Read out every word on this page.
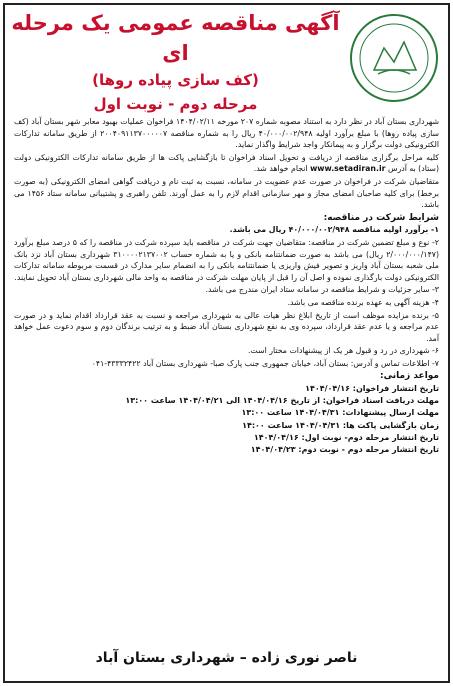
آگهی مناقصه عمومی یک مرحله ای
(کف سازی پیاده روها)
مرحله دوم - نوبت اول

شهرداری بستان آباد در نظر دارد به استناد مصوبه شماره ۲۰۷ مورخه ۱۴۰۴/۰۲/۱۱ فراخوان عملیات بهبود معابر شهر بستان آباد (کف سازی پیاده روها) با مبلغ برآورد اولیه ۴۰/۰۰۰/۰۰۲/۹۴۸ ریال را به شماره مناقصه ۲۰۰۴۰۹۱۱۳۷۰۰۰۰۰۷ از طریق سامانه تدارکات الکترونیکی دولت برگزار و به پیمانکار واجد شرایط واگذار نماید.

کلیه مراحل برگزاری مناقصه از دریافت و تحویل اسناد فراخوان تا بازگشایی پاکت ها از طریق سامانه تدارکات الکترونیکی دولت (ستاد) به آدرس www.setadiran.ir انجام خواهد شد.

متقاضیان شرکت در فراخوان در صورت عدم عضویت در سامانه، نسبت به ثبت نام و دریافت گواهی امضای الکترونیکی (به صورت برخط) برای کلیه صاحبان امضای مجاز و مهر سازمانی اقدام لازم را به عمل آورند. تلفن راهبری و پشتیبانی سامانه ستاد ۱۴۵۶ می باشد.

شرایط شرکت در مناقصه:

۱- برآورد اولیه مناقصه ۴۰/۰۰۰/۰۰۲/۹۴۸ ریال می باشد.

۲- نوع و مبلغ تضمین شرکت در مناقصه: متقاضیان جهت شرکت در مناقصه باید سپرده شرکت در مناقصه را که ۵ درصد مبلغ برآورد (۲/۰۰۰/۰۰۰/۱۴۷ ریال) می باشد به صورت ضمانتنامه بانکی و یا به شماره حساب ۳۱۰۰۰۰۲۱۳۷۰۰۲ شهرداری بستان آباد نزد بانک ملی شعبه بستان آباد واریز و تصویر فیش واریزی یا ضمانتنامه بانکی را به انضمام سایر مدارک در قسمت مربوطه سامانه تدارکات الکترونیکی دولت بارگذاری نموده و اصل آن را قبل از پایان مهلت شرکت در مناقصه به واحد مالی شهرداری بستان آباد تحویل نمایند.

۳- سایر جزئیات و شرایط مناقصه در سامانه ستاد ایران مندرج می باشد.

۴- هزینه آگهی به عهده برنده مناقصه می باشد.

۵- برنده مزایده موظف است از تاریخ ابلاغ نظر هیات عالی به شهرداری مراجعه و نسبت به عقد قرارداد اقدام نماید و در صورت عدم مراجعه و یا عدم عقد قرارداد، سپرده وی به نفع شهرداری بستان آباد ضبط و به ترتیب برندگان دوم و سوم دعوت عمل خواهد آمد.

۶- شهرداری در رد و قبول هر یک از پیشنهادات مختار است.

۷- اطلاعات تماس و آدرس: بستان آباد، خیابان جمهوری جنب پارک صبا- شهرداری بستان آباد ۴۳۳۳۲۴۲۲-۰۴۱

مواعد زمانی:
تاریخ انتشار فراخوان: ۱۴۰۴/۰۴/۱۶
مهلت دریافت اسناد فراخوان: از تاریخ ۱۴۰۴/۰۴/۱۶ الی ۱۴۰۴/۰۴/۲۱ ساعت ۱۳:۰۰
مهلت ارسال پیشنهادات: ۱۴۰۴/۰۴/۳۱ ساعت ۱۳:۰۰
زمان بازگشایی پاکت ها: ۱۴۰۴/۰۴/۳۱ ساعت ۱۴:۰۰
تاریخ انتشار مرحله دوم- نوبت اول: ۱۴۰۴/۰۴/۱۶
تاریخ انتشار مرحله دوم - نوبت دوم: ۱۴۰۴/۰۴/۲۳
ناصر نوری زاده – شهرداری بستان آباد
